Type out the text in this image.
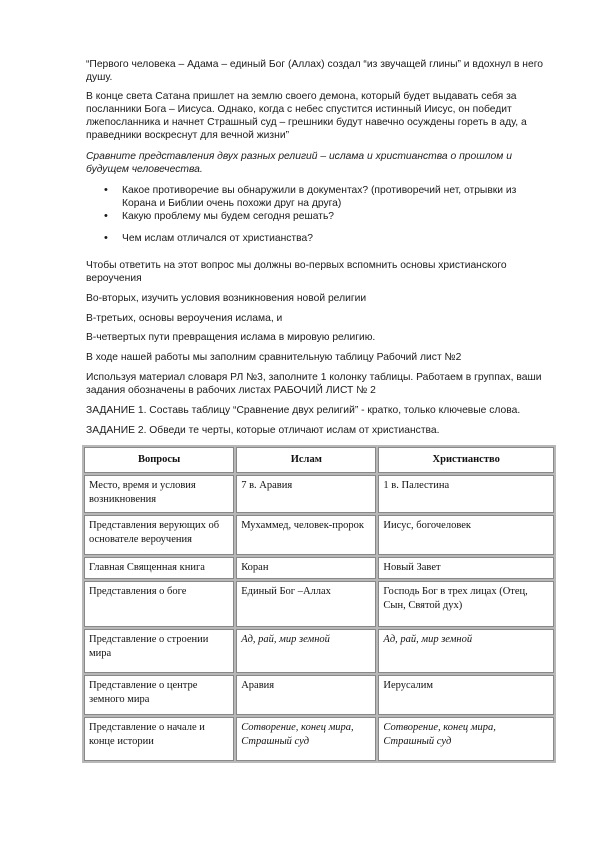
“Первого человека – Адама – единый Бог (Аллах) создал “из звучащей глины” и вдохнул в него душу.
В конце света Сатана пришлет на землю своего демона, который будет выдавать себя за посланники Бога – Иисуса. Однако, когда с небес спустится истинный Иисус, он победит лжепосланника и начнет Страшный суд – грешники будут навечно осуждены гореть в аду, а праведники воскреснут для вечной жизни”
Сравните представления двух разных религий – ислама и христианства о прошлом и будущем человечества.
• Какое противоречие вы обнаружили в документах? (противоречий нет, отрывки из Корана и Библии очень похожи друг на друга)
• Какую проблему мы будем сегодня решать?
• Чем ислам отличался от христианства?
Чтобы ответить на этот вопрос мы должны во-первых вспомнить основы христианского вероучения
Во-вторых, изучить условия возникновения новой религии
В-третьих, основы вероучения ислама, и
В-четвертых пути превращения ислама в мировую религию.
В ходе нашей работы мы заполним сравнительную таблицу Рабочий лист №2
Используя материал словаря РЛ №3, заполните 1 колонку таблицы. Работаем в группах, ваши задания обозначены в рабочих листах РАБОЧИЙ ЛИСТ № 2
ЗАДАНИЕ 1. Составь таблицу “Сравнение двух религий” - кратко, только ключевые слова.
ЗАДАНИЕ 2. Обведи те черты, которые отличают ислам от христианства.
Вопросы	Ислам	Христианство
Место, время и условия возникновения	7 в. Аравия	1 в. Палестина
Представления верующих об основателе вероучения	Мухаммед, человек-пророк	Иисус, богочеловек
Главная Священная книга	Коран	Новый Завет
Представления о боге	Единый Бог –Аллах	Господь Бог в трех лицах (Отец, Сын, Святой дух)
Представление о строении мира	Ад, рай, мир земной	Ад, рай, мир земной
Представление о центре земного мира	Аравия	Иерусалим
Представление о начале и конце истории	Сотворение, конец мира, Страшный суд	Сотворение, конец мира, Страшный суд
